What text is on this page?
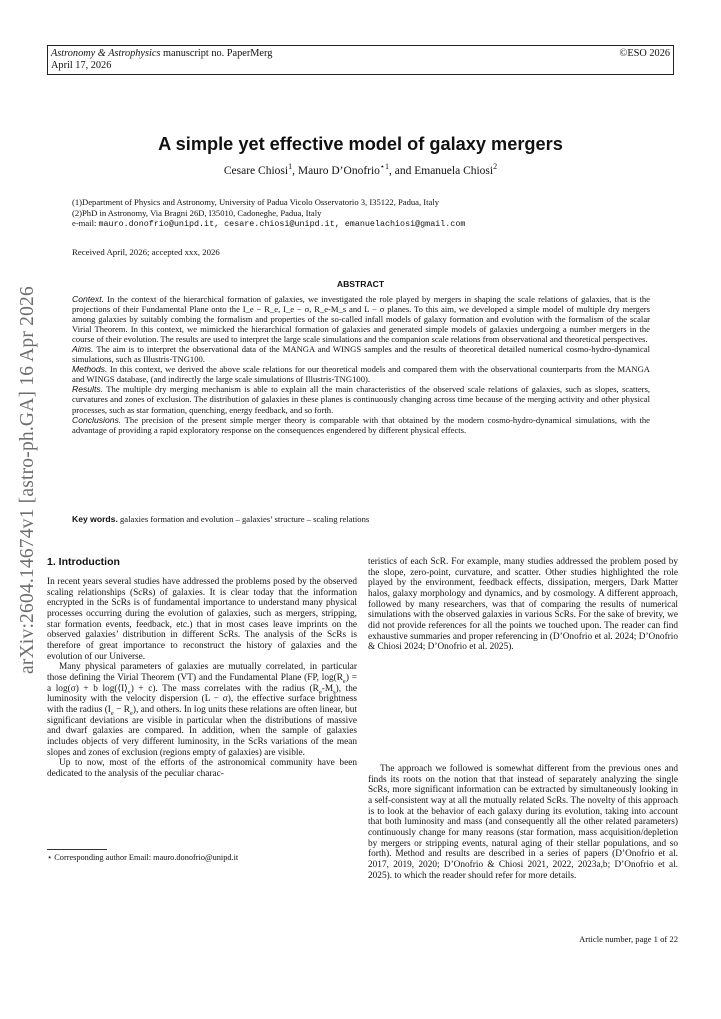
Astronomy & Astrophysics manuscript no. PaperMerg
April 17, 2026
©ESO 2026
arXiv:2604.14674v1 [astro-ph.GA] 16 Apr 2026
A simple yet effective model of galaxy mergers
Cesare Chiosi$^1$, Mauro D’Onofrio$^{⋆1}$, and Emanuela Chiosi$^2$
(1)Department of Physics and Astronomy, University of Padua Vicolo Osservatorio 3, I35122, Padua, Italy
(2)PhD in Astronomy, Via Bragni 26D, I35010, Cadoneghe, Padua, Italy
e-mail: mauro.donofrio@unipd.it, cesare.chiosi@unipd.it, emanuelachiosi@gmail.com
Received April, 2026; accepted xxx, 2026
ABSTRACT

Context. In the context of the hierarchical formation of galaxies, we investigated the role played by mergers in shaping the scale relations of galaxies, that is the projections of their Fundamental Plane onto the I_e − R_e, I_e − σ, R_e-M_s and L − σ planes. To this aim, we developed a simple model of multiple dry mergers among galaxies by suitably combing the formalism and properties of the so-called infall models of galaxy formation and evolution with the formalism of the scalar Virial Theorem. In this context, we mimicked the hierarchical formation of galaxies and generated simple models of galaxies undergoing a number mergers in the course of their evolution. The results are used to interpret the large scale simulations and the companion scale relations from observational and theoretical perspectives.

Aims. The aim is to interpret the observational data of the MANGA and WINGS samples and the results of theoretical detailed numerical cosmo-hydro-dynamical simulations, such as Illustris-TNG100.

Methods. In this context, we derived the above scale relations for our theoretical models and compared them with the observational counterparts from the MANGA and WINGS database, (and indirectly the large scale simulations of Illustris-TNG100).

Results. The multiple dry merging mechanism is able to explain all the main characteristics of the observed scale relations of galaxies, such as slopes, scatters, curvatures and zones of exclusion. The distribution of galaxies in these planes is continuously changing across time because of the merging activity and other physical processes, such as star formation, quenching, energy feedback, and so forth.

Conclusions. The precision of the present simple merger theory is comparable with that obtained by the modern cosmo-hydro-dynamical simulations, with the advantage of providing a rapid exploratory response on the consequences engendered by different physical effects.

Key words. galaxies formation and evolution – galaxies’ structure – scaling relations
1. Introduction

In recent years several studies have addressed the problems posed by the observed scaling relationships (ScRs) of galaxies. It is clear today that the information encrypted in the ScRs is of fundamental importance to understand many physical processes occurring during the evolution of galaxies, such as mergers, stripping, star formation events, feedback, etc.) that in most cases leave imprints on the observed galaxies’ distribution in different ScRs. The analysis of the ScRs is therefore of great importance to reconstruct the history of galaxies and the evolution of our Universe.

Many physical parameters of galaxies are mutually correlated, in particular those defining the Virial Theorem (VT) and the Fundamental Plane (FP, $\log(R_e) = a$ log(σ) + b $\log(⟨I⟩_e) + c$). The mass correlates with the radius $(R_e-M_s)$, the luminosity with the velocity dispersion (L − σ), the effective surface brightness with the radius $(I_e - R_e)$, and others. In log units these relations are often linear, but significant deviations are visible in particular when the distributions of massive and dwarf galaxies are compared. In addition, when the sample of galaxies includes objects of very different luminosity, in the ScRs variations of the mean slopes and zones of exclusion (regions empty of galaxies) are visible.

Up to now, most of the efforts of the astronomical community have been dedicated to the analysis of the peculiar charac-

teristics of each ScR. For example, many studies addressed the problem posed by the slope, zero-point, curvature, and scatter. Other studies highlighted the role played by the environment, feedback effects, dissipation, mergers, Dark Matter halos, galaxy morphology and dynamics, and by cosmology. A different approach, followed by many researchers, was that of comparing the results of numerical simulations with the observed galaxies in various ScRs. For the sake of brevity, we did not provide references for all the points we touched upon. The reader can find exhaustive summaries and proper referencing in (D’Onofrio et al. 2024; D’Onofrio & Chiosi 2024; D’Onofrio et al. 2025).

The approach we followed is somewhat different from the previous ones and finds its roots on the notion that that instead of separately analyzing the single ScRs, more significant information can be extracted by simultaneously looking in a self-consistent way at all the mutually related ScRs. The novelty of this approach is to look at the behavior of each galaxy during its evolution, taking into account that both luminosity and mass (and consequently all the other related parameters) continuously change for many reasons (star formation, mass acquisition/depletion by mergers or stripping events, natural aging of their stellar populations, and so forth). Method and results are described in a series of papers (D’Onofrio et al. 2017, 2019, 2020; D’Onofrio & Chiosi 2021, 2022, 2023a,b; D’Onofrio et al. 2025). to which the reader should refer for more details.

⋆ Corresponding author Email: mauro.donofrio@unipd.it
Article number, page 1 of 22
